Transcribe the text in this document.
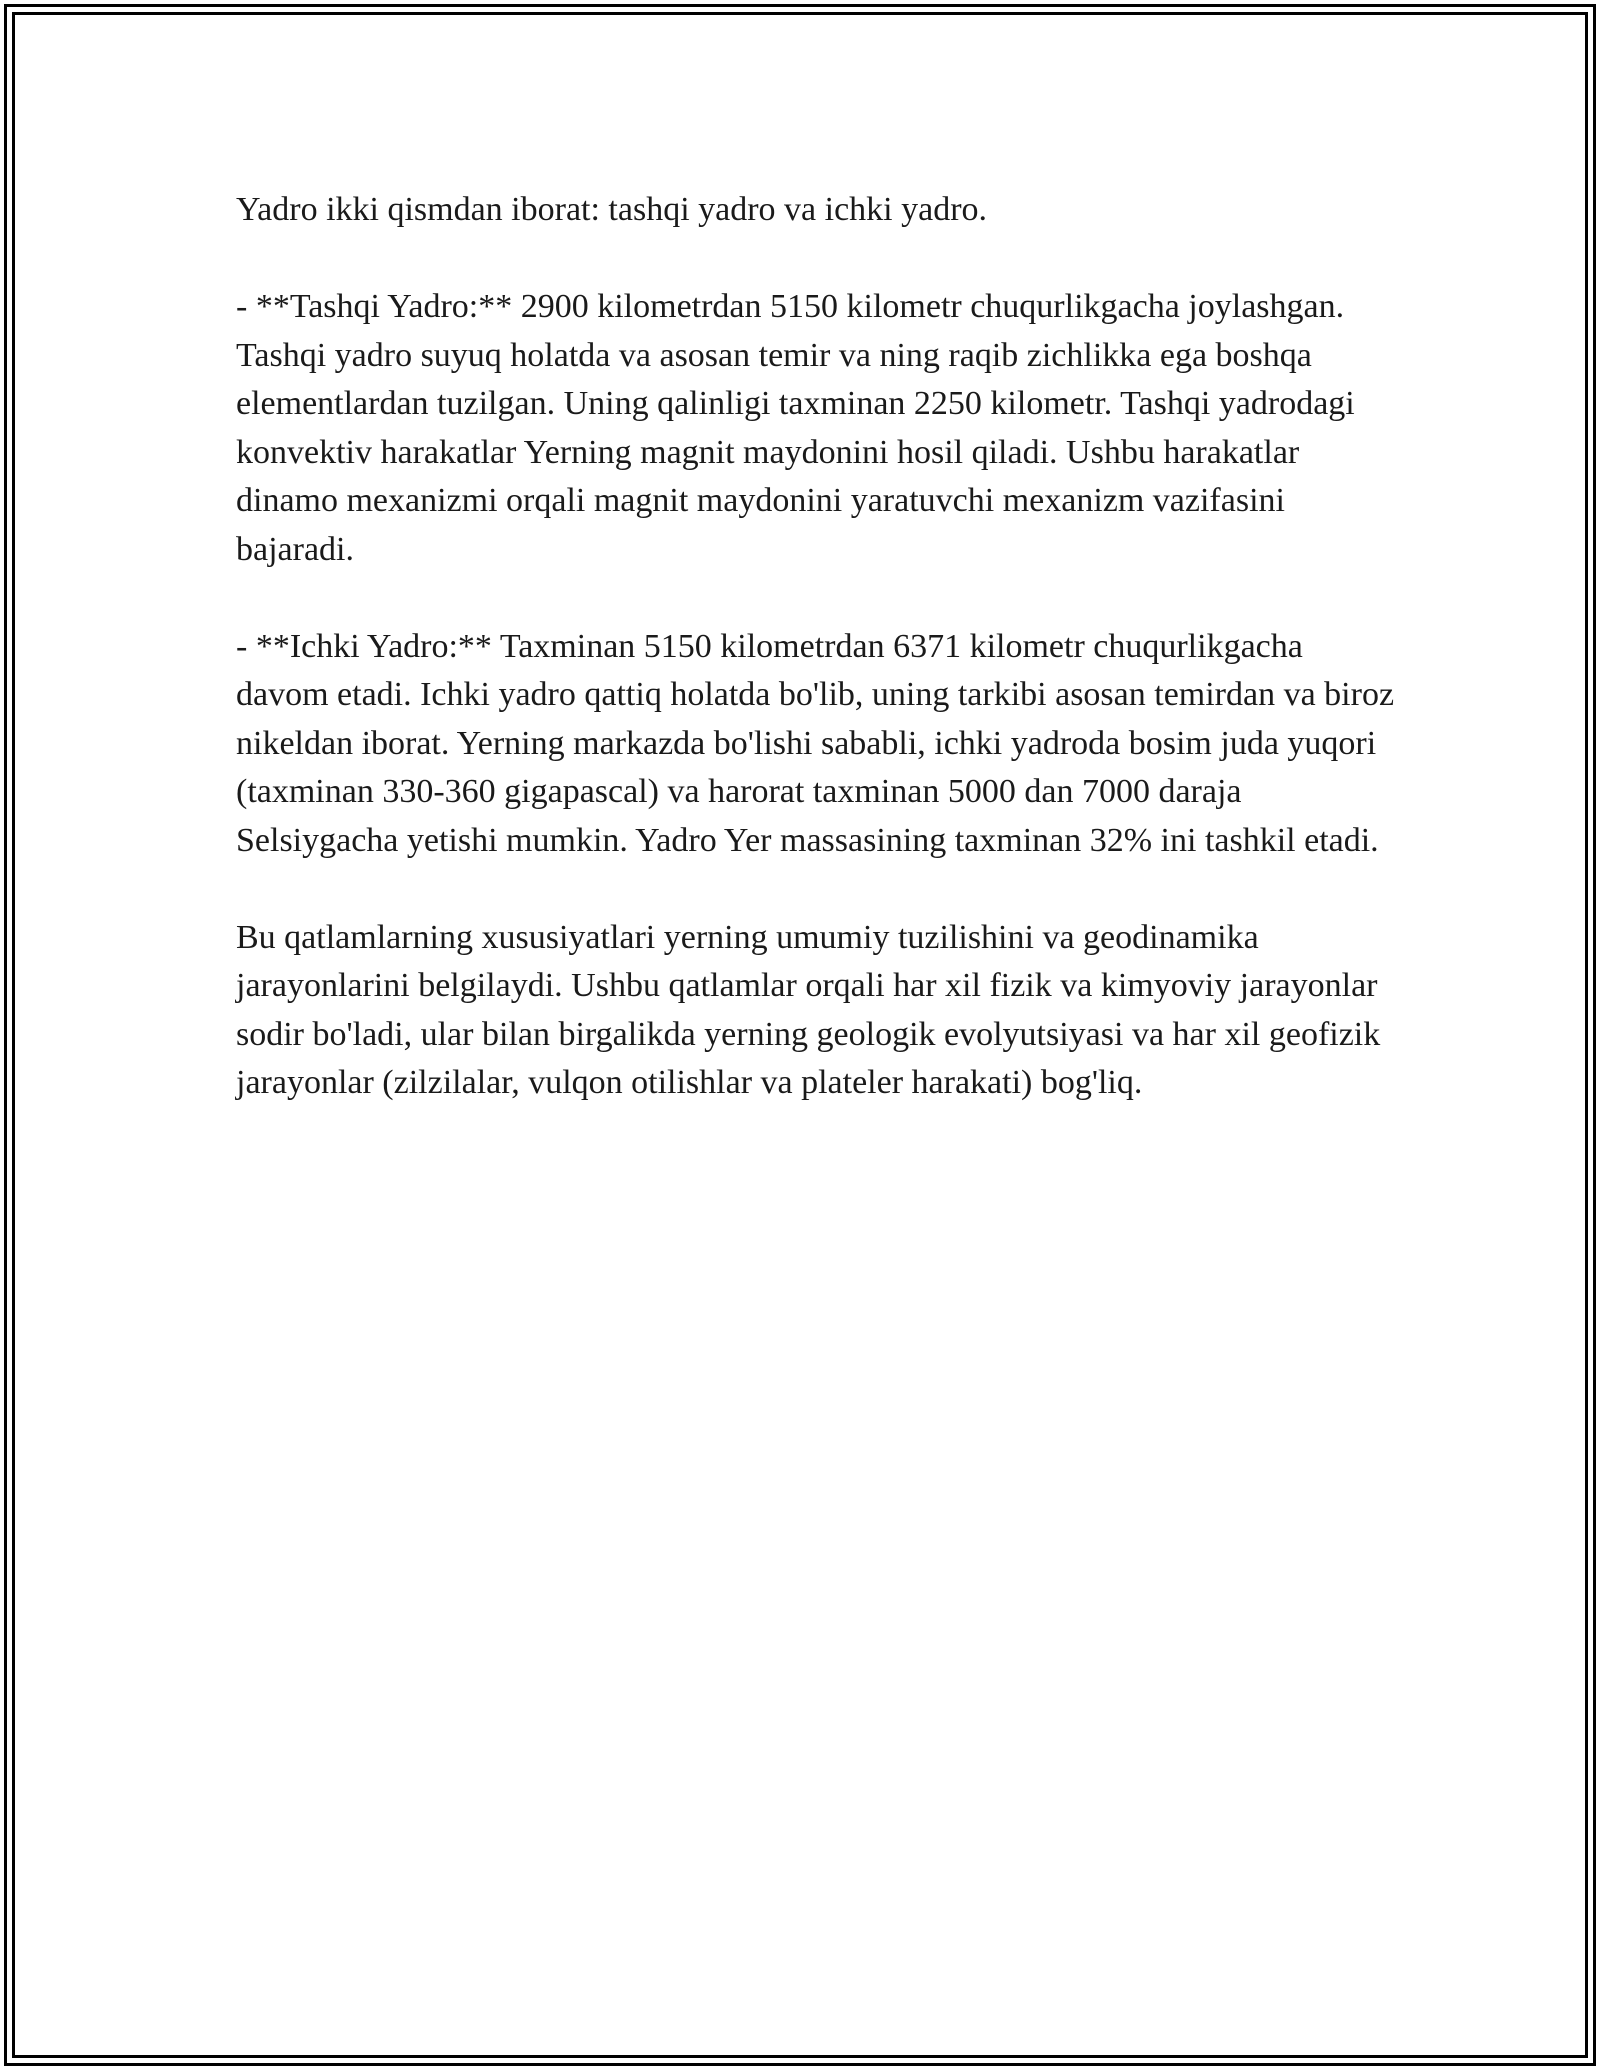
Yadro ikki qismdan iborat: tashqi yadro va ichki yadro.

- **Tashqi Yadro:** 2900 kilometrdan 5150 kilometr chuqurlikgacha joylashgan. Tashqi yadro suyuq holatda va asosan temir va ning raqib zichlikka ega boshqa elementlardan tuzilgan. Uning qalinligi taxminan 2250 kilometr. Tashqi yadrodagi konvektiv harakatlar Yerning magnit maydonini hosil qiladi. Ushbu harakatlar dinamo mexanizmi orqali magnit maydonini yaratuvchi mexanizm vazifasini bajaradi.

- **Ichki Yadro:** Taxminan 5150 kilometrdan 6371 kilometr chuqurlikgacha davom etadi. Ichki yadro qattiq holatda bo'lib, uning tarkibi asosan temirdan va biroz nikeldan iborat. Yerning markazda bo'lishi sababli, ichki yadroda bosim juda yuqori (taxminan 330-360 gigapascal) va harorat taxminan 5000 dan 7000 daraja Selsiygacha yetishi mumkin. Yadro Yer massasining taxminan 32% ini tashkil etadi.

Bu qatlamlarning xususiyatlari yerning umumiy tuzilishini va geodinamika jarayonlarini belgilaydi. Ushbu qatlamlar orqali har xil fizik va kimyoviy jarayonlar sodir bo'ladi, ular bilan birgalikda yerning geologik evolyutsiyasi va har xil geofizik jarayonlar (zilzilalar, vulqon otilishlar va plateler harakati) bog'liq.
